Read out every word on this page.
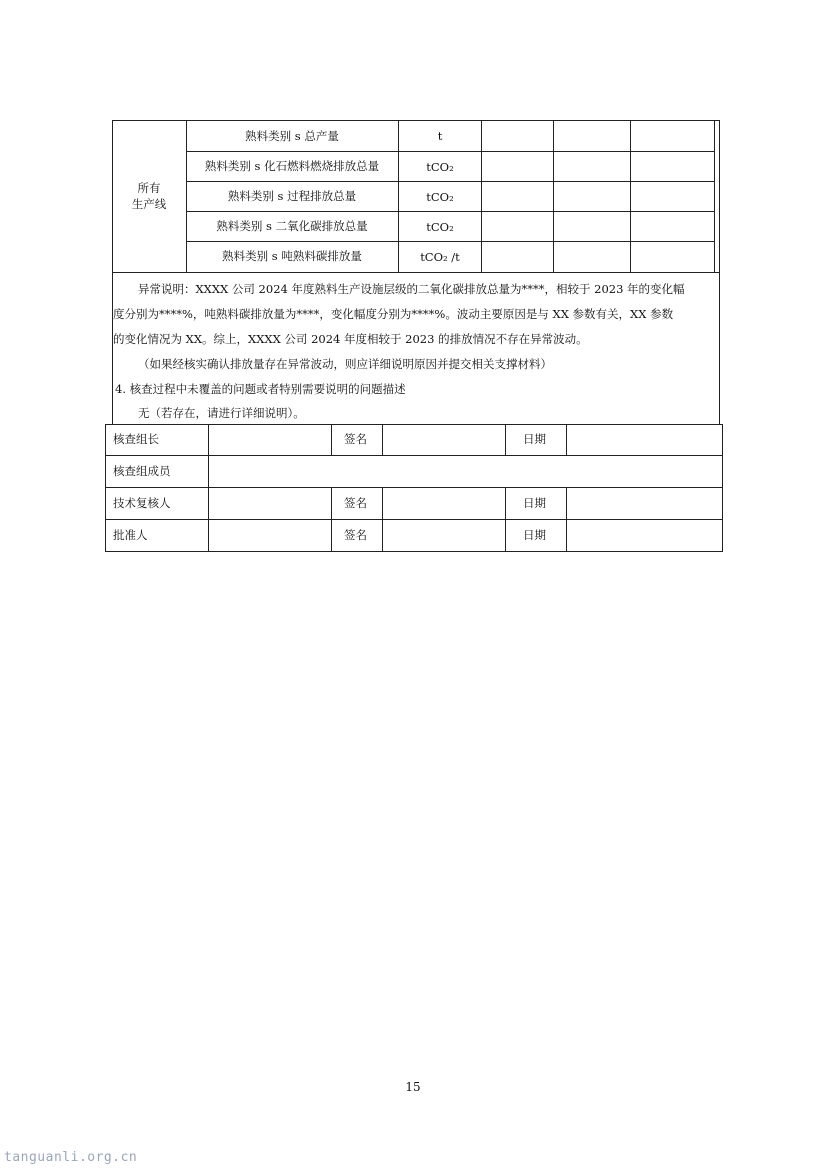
所有
生产线
熟料类别 s 总产量	t
熟料类别 s 化石燃料燃烧排放总量	tCO₂
熟料类别 s 过程排放总量	tCO₂
熟料类别 s 二氧化碳排放总量	tCO₂
熟料类别 s 吨熟料碳排放量	tCO₂ /t
异常说明：XXXX 公司 2024 年度熟料生产设施层级的二氧化碳排放总量为****，相较于 2023 年的变化幅
度分别为****%，吨熟料碳排放量为****，变化幅度分别为****%。波动主要原因是与 XX 参数有关，XX 参数
的变化情况为 XX。综上，XXXX 公司 2024 年度相较于 2023 的排放情况不存在异常波动。
（如果经核实确认排放量存在异常波动，则应详细说明原因并提交相关支撑材料）
4. 核查过程中未覆盖的问题或者特别需要说明的问题描述
无（若存在，请进行详细说明）。
核查组长	签名	日期
核查组成员
技术复核人	签名	日期
批准人	签名	日期
15
tanguanli.org.cn
